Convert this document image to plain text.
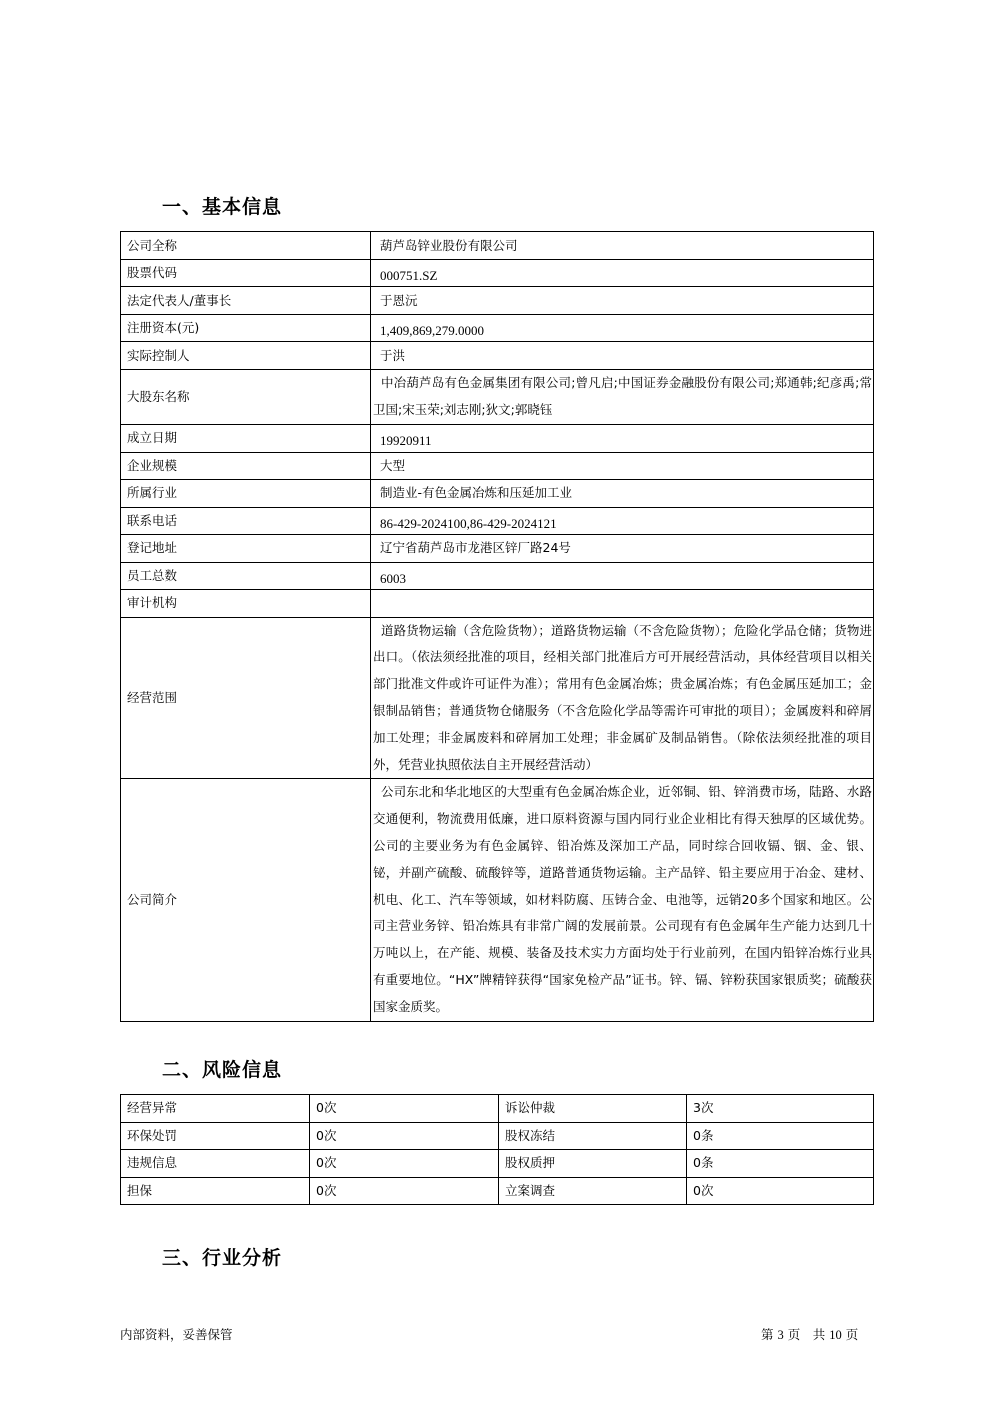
一、基本信息
公司全称	葫芦岛锌业股份有限公司
股票代码	000751.SZ
法定代表人/董事长	于恩沅
注册资本(元)	1,409,869,279.0000
实际控制人	于洪
大股东名称	中冶葫芦岛有色金属集团有限公司;曾凡启;中国证券金融股份有限公司;郑通韩;纪彦禹;常卫国;宋玉荣;刘志刚;狄文;郭晓钰

成立日期	19920911
企业规模	大型
所属行业	制造业-有色金属冶炼和压延加工业
联系电话	86-429-2024100,86-429-2024121
登记地址	辽宁省葫芦岛市龙港区锌厂路24号
员工总数	6003
审计机构	
经营范围	道路货物运输（含危险货物）；道路货物运输（不含危险货物）；危险化学品仓储；货物进出口。（依法须经批准的项目，经相关部门批准后方可开展经营活动，具体经营项目以相关部门批准文件或许可证件为准）；常用有色金属冶炼；贵金属冶炼；有色金属压延加工；金银制品销售；普通货物仓储服务（不含危险化学品等需许可审批的项目）；金属废料和碎屑加工处理；非金属废料和碎屑加工处理；非金属矿及制品销售。（除依法须经批准的项目外，凭营业执照依法自主开展经营活动）

公司简介	公司东北和华北地区的大型重有色金属冶炼企业，近邻铜、铅、锌消费市场，陆路、水路交通便利，物流费用低廉，进口原料资源与国内同行业企业相比有得天独厚的区域优势。公司的主要业务为有色金属锌、铅冶炼及深加工产品，同时综合回收镉、铟、金、银、铋，并副产硫酸、硫酸锌等，道路普通货物运输。主产品锌、铅主要应用于冶金、建材、机电、化工、汽车等领域，如材料防腐、压铸合金、电池等，远销20多个国家和地区。公司主营业务锌、铅冶炼具有非常广阔的发展前景。公司现有有色金属年生产能力达到几十万吨以上，在产能、规模、装备及技术实力方面均处于行业前列，在国内铅锌冶炼行业具有重要地位。“HX”牌精锌获得“国家免检产品”证书。锌、镉、锌粉获国家银质奖；硫酸获国家金质奖。
二、风险信息
经营异常	0次	诉讼仲裁	3次
环保处罚	0次	股权冻结	0条
违规信息	0次	股权质押	0条
担保	0次	立案调查	0次
三、行业分析
内部资料，妥善保管	第 3 页　共 10 页
